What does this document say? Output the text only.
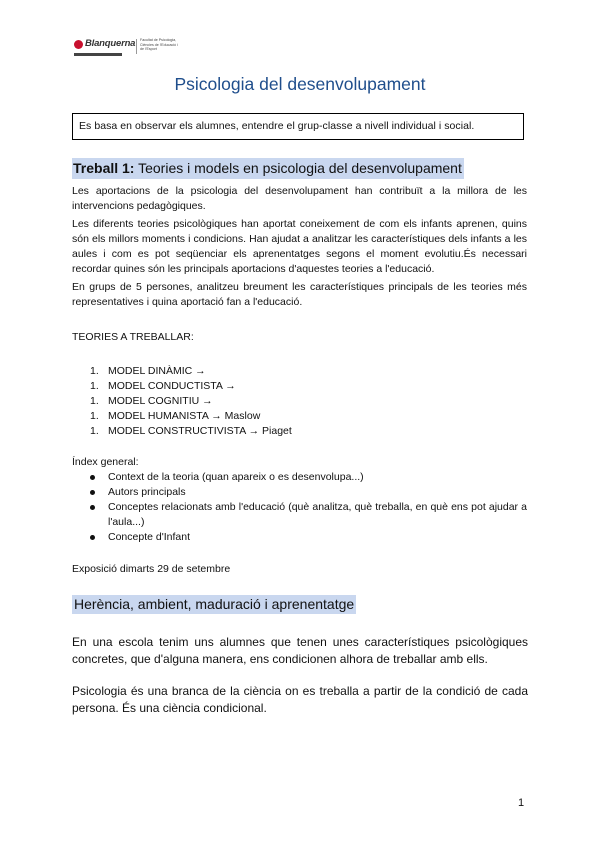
Blanquerna Facultat de Psicologia, Ciències de l'Educació i de l'Esport
Psicologia del desenvolupament
Es basa en observar els alumnes, entendre el grup-classe a nivell individual i social.
Treball 1: Teories i models en psicologia del desenvolupament

Les aportacions de la psicologia del desenvolupament han contribuït a la millora de les intervencions pedagògiques.

Les diferents teories psicològiques han aportat coneixement de com els infants aprenen, quins són els millors moments i condicions. Han ajudat a analitzar les característiques dels infants a les aules i com es pot seqüenciar els aprenentatges segons el moment evolutiu.És necessari recordar quines són les principals aportacions d'aquestes teories a l'educació.

En grups de 5 persones, analitzeu breument les característiques principals de les teories més representatives i quina aportació fan a l'educació.

TEORIES A TREBALLAR:
1. MODEL DINÀMIC →
1. MODEL CONDUCTISTA →
1. MODEL COGNITIU →
1. MODEL HUMANISTA → Maslow
1. MODEL CONSTRUCTIVISTA → Piaget
Índex general:
Context de la teoria (quan apareix o es desenvolupa...)
Autors principals
Conceptes relacionats amb l'educació (què analitza, què treballa, en què ens pot ajudar a l'aula...)
Concepte d'Infant
Exposició dimarts 29 de setembre
Herència, ambient, maduració i aprenentatge

En una escola tenim uns alumnes que tenen unes característiques psicològiques concretes, que d'alguna manera, ens condicionen alhora de treballar amb ells.

Psicologia és una branca de la ciència on es treballa a partir de la condició de cada persona. És una ciència condicional.

1
